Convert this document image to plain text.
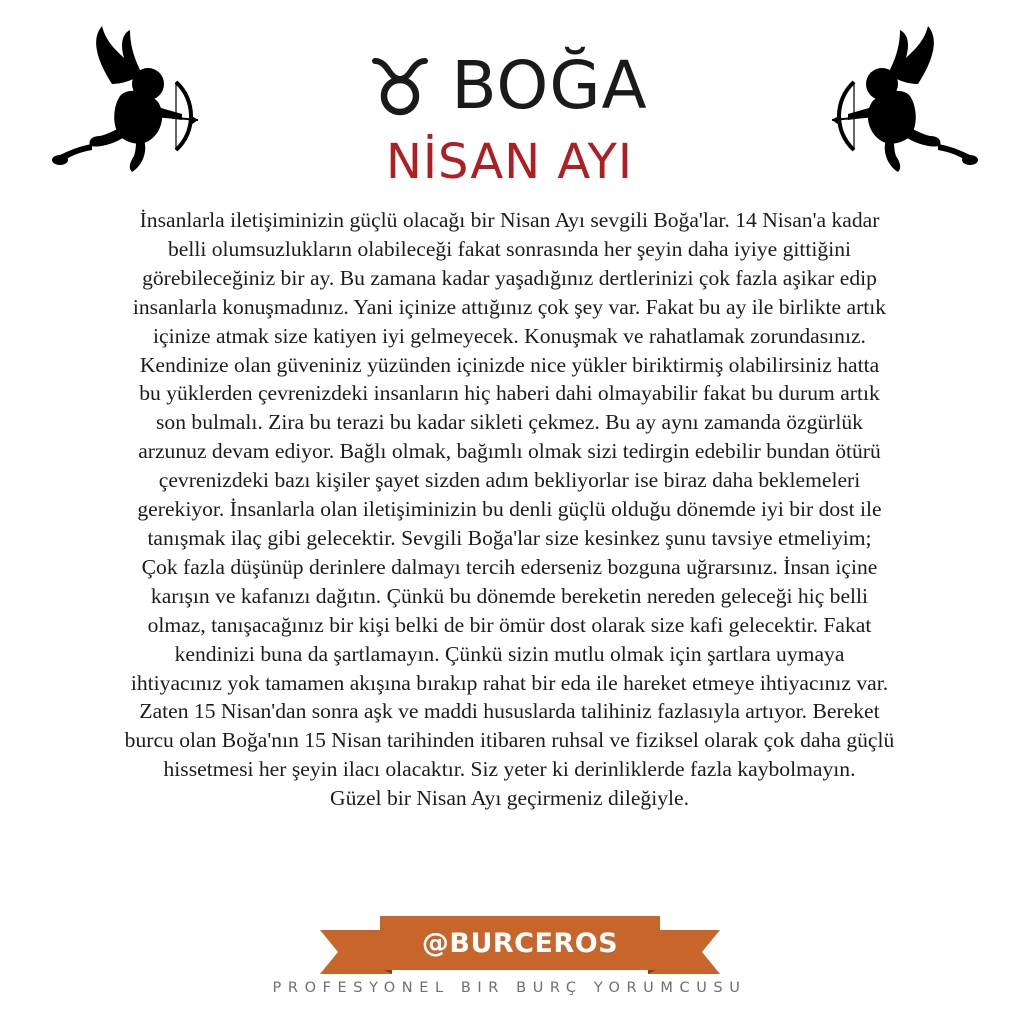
BOĞA
NİSAN AYI
İnsanlarla iletişiminizin güçlü olacağı bir Nisan Ayı sevgili Boğa'lar. 14 Nisan'a kadar
belli olumsuzlukların olabileceği fakat sonrasında her şeyin daha iyiye gittiğini
görebileceğiniz bir ay. Bu zamana kadar yaşadığınız dertlerinizi çok fazla aşikar edip
insanlarla konuşmadınız. Yani içinize attığınız çok şey var. Fakat bu ay ile birlikte artık
içinize atmak size katiyen iyi gelmeyecek. Konuşmak ve rahatlamak zorundasınız.
Kendinize olan güveniniz yüzünden içinizde nice yükler biriktirmiş olabilirsiniz hatta
bu yüklerden çevrenizdeki insanların hiç haberi dahi olmayabilir fakat bu durum artık
son bulmalı. Zira bu terazi bu kadar sikleti çekmez. Bu ay aynı zamanda özgürlük
arzunuz devam ediyor. Bağlı olmak, bağımlı olmak sizi tedirgin edebilir bundan ötürü
çevrenizdeki bazı kişiler şayet sizden adım bekliyorlar ise biraz daha beklemeleri
gerekiyor. İnsanlarla olan iletişiminizin bu denli güçlü olduğu dönemde iyi bir dost ile
tanışmak ilaç gibi gelecektir. Sevgili Boğa'lar size kesinkez şunu tavsiye etmeliyim;
Çok fazla düşünüp derinlere dalmayı tercih ederseniz bozguna uğrarsınız. İnsan içine
karışın ve kafanızı dağıtın. Çünkü bu dönemde bereketin nereden geleceği hiç belli
olmaz, tanışacağınız bir kişi belki de bir ömür dost olarak size kafi gelecektir. Fakat
kendinizi buna da şartlamayın. Çünkü sizin mutlu olmak için şartlara uymaya
ihtiyacınız yok tamamen akışına bırakıp rahat bir eda ile hareket etmeye ihtiyacınız var.
Zaten 15 Nisan'dan sonra aşk ve maddi hususlarda talihiniz fazlasıyla artıyor. Bereket
burcu olan Boğa'nın 15 Nisan tarihinden itibaren ruhsal ve fiziksel olarak çok daha güçlü
hissetmesi her şeyin ilacı olacaktır. Siz yeter ki derinliklerde fazla kaybolmayın.
Güzel bir Nisan Ayı geçirmeniz dileğiyle.
@BURCEROS
PROFESYONEL BIR BURÇ YORUMCUSU
